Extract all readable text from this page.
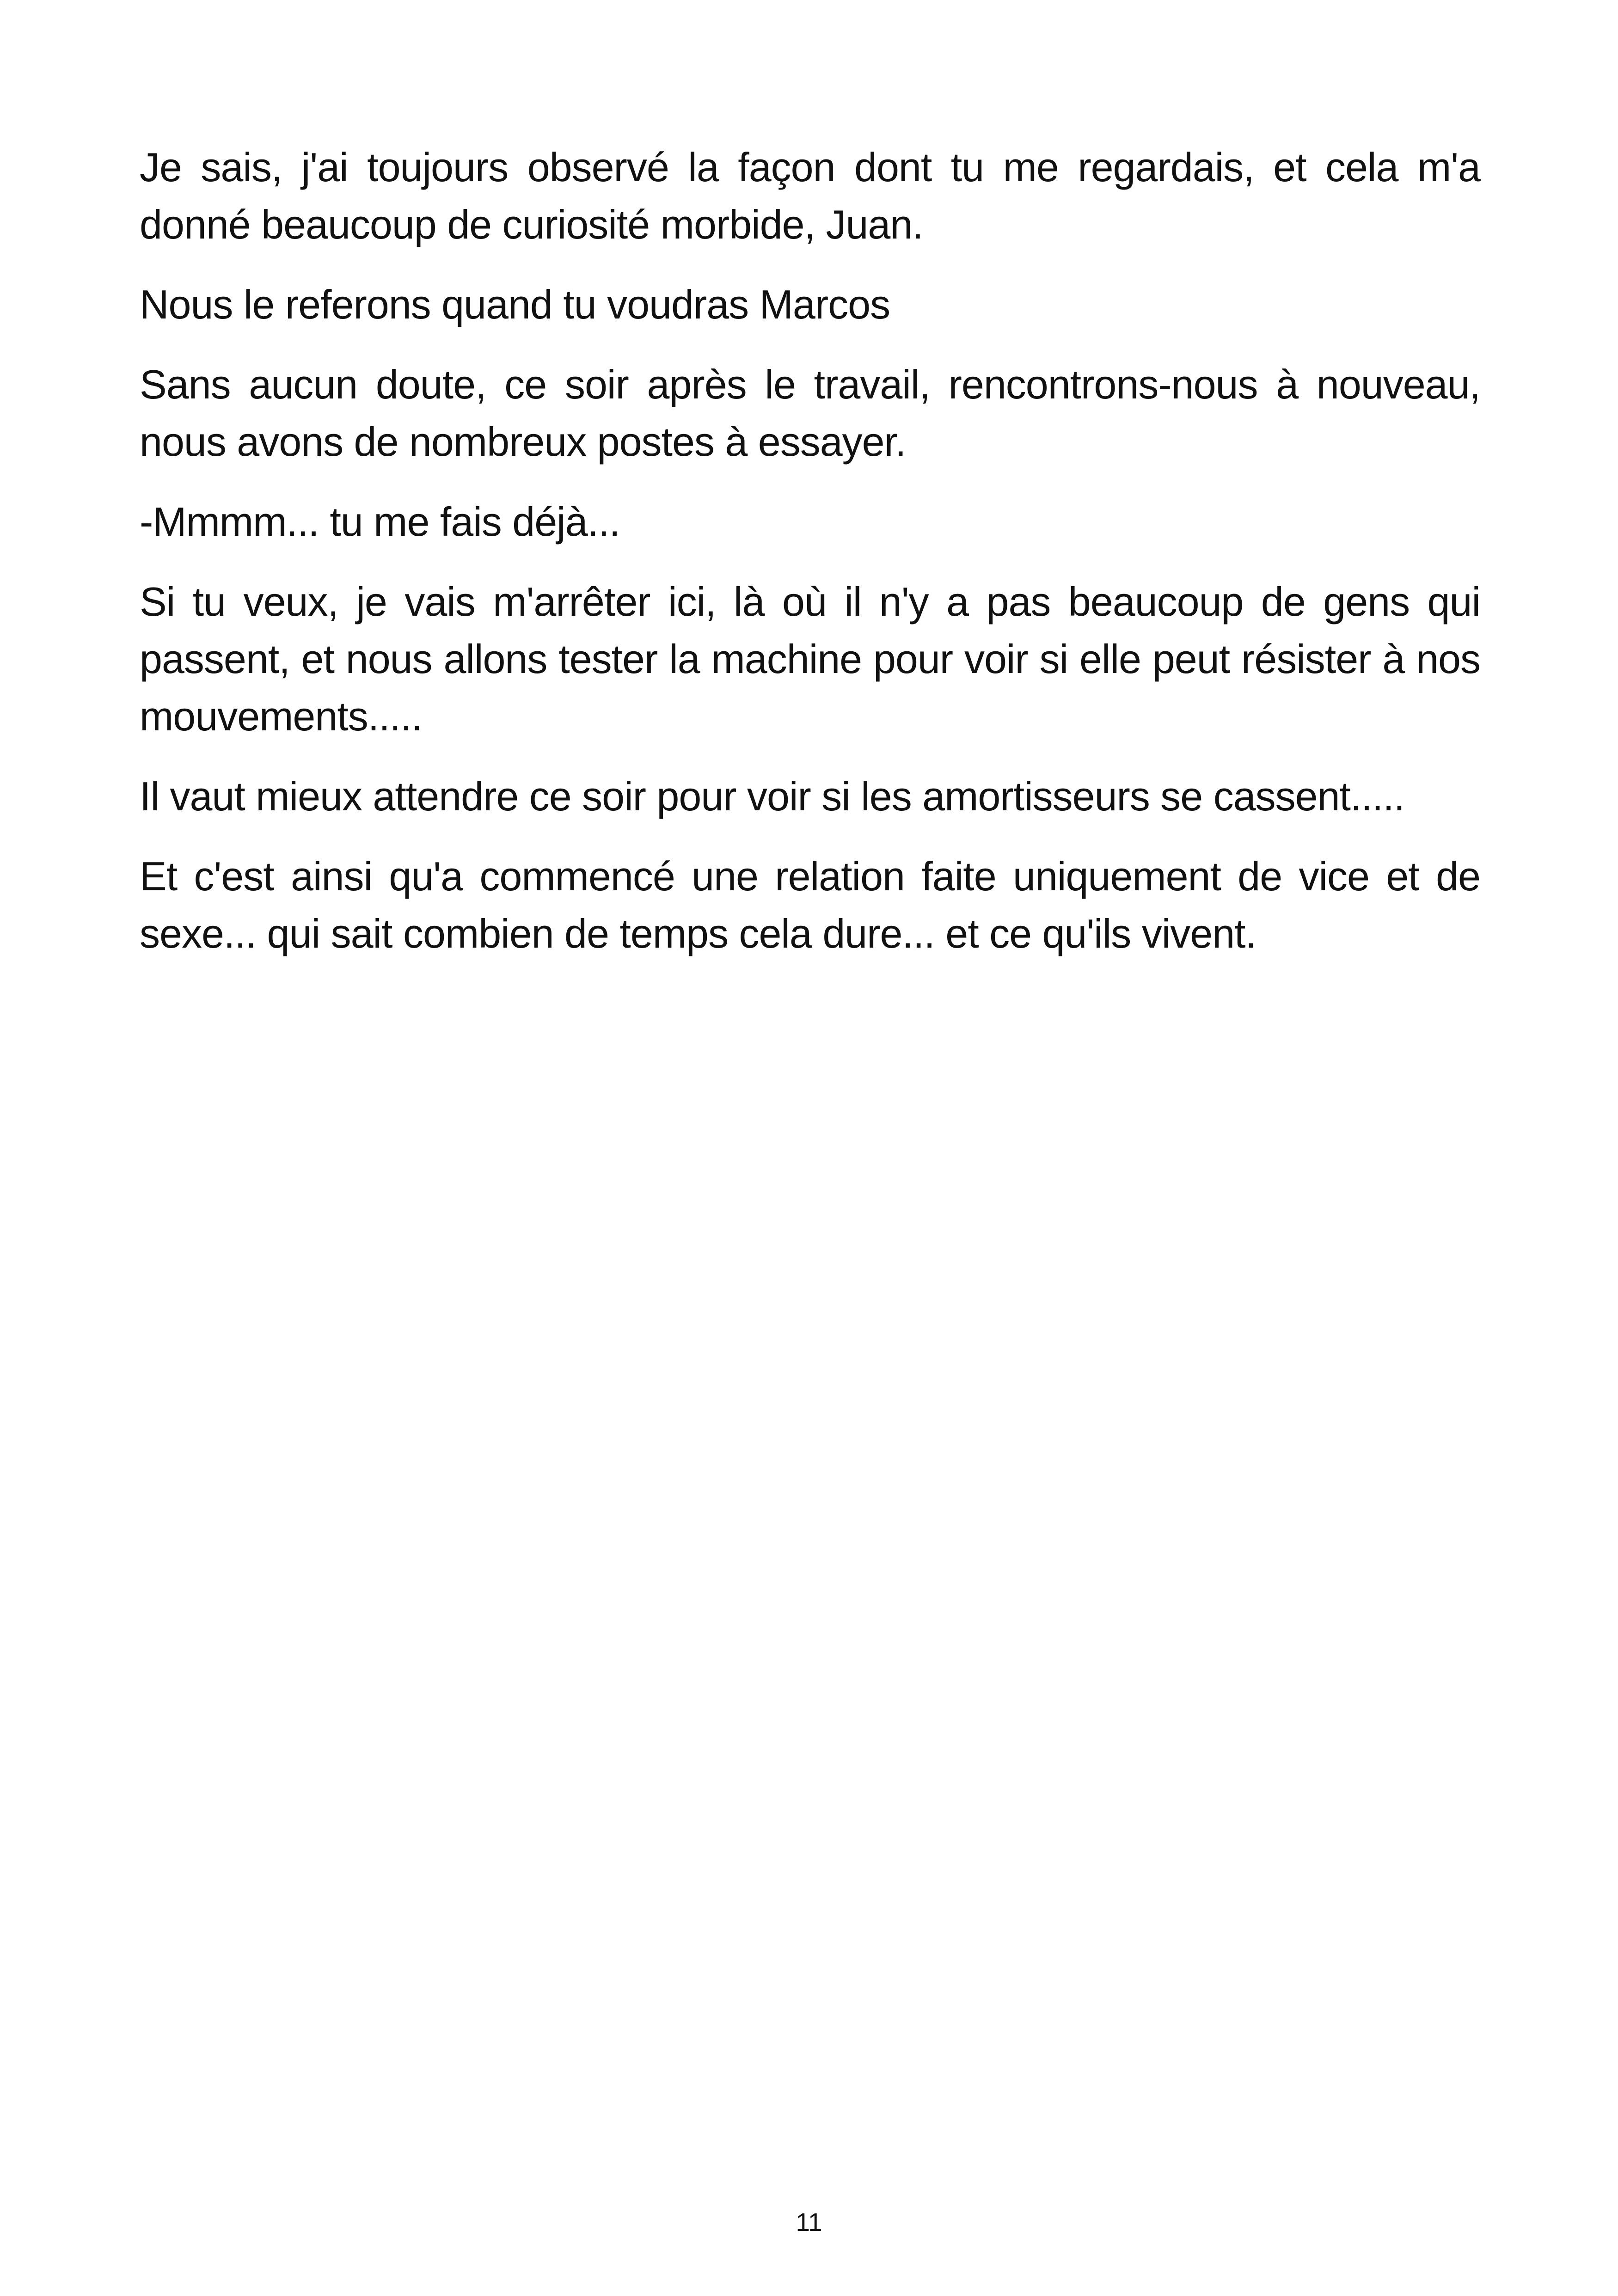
Je sais, j'ai toujours observé la façon dont tu me regardais, et cela m'a donné beaucoup de curiosité morbide, Juan.

Nous le referons quand tu voudras Marcos

Sans aucun doute, ce soir après le travail, rencontrons-nous à nouveau, nous avons de nombreux postes à essayer.

-Mmmm... tu me fais déjà...

Si tu veux, je vais m'arrêter ici, là où il n'y a pas beaucoup de gens qui passent, et nous allons tester la machine pour voir si elle peut résister à nos mouvements.....

Il vaut mieux attendre ce soir pour voir si les amortisseurs se cassent.....

Et c'est ainsi qu'a commencé une relation faite uniquement de vice et de sexe... qui sait combien de temps cela dure... et ce qu'ils vivent.

11
